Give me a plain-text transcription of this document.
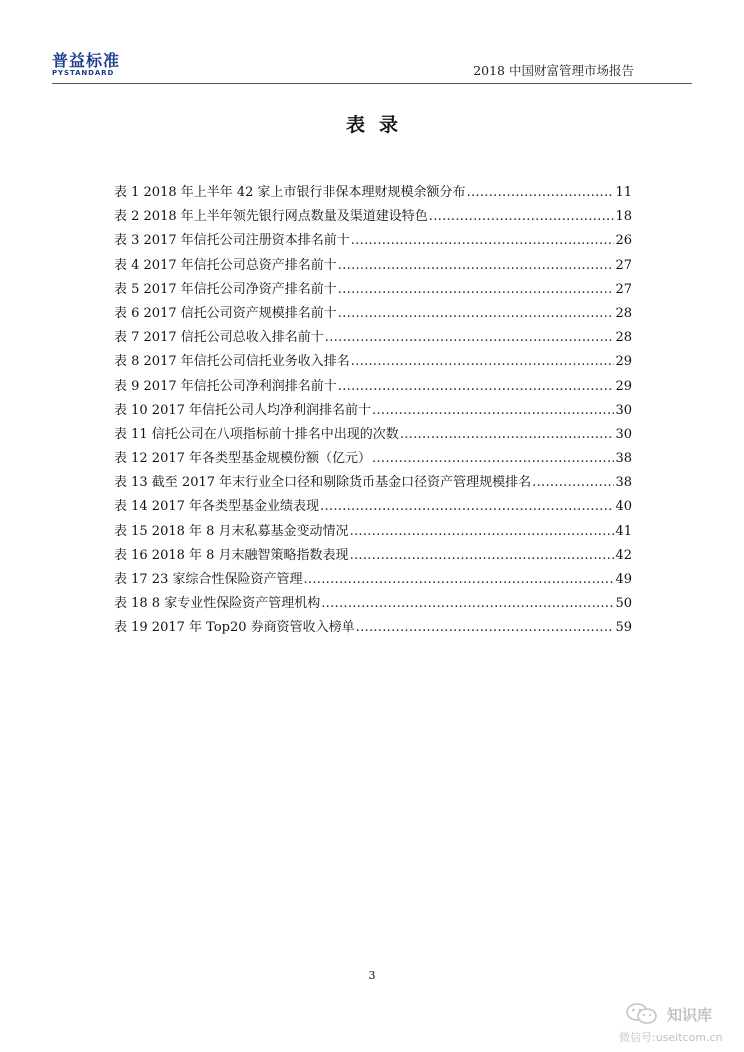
普益标准
PYSTANDARD	2018 中国财富管理市场报告
表录
表 1 2018 年上半年 42 家上市银行非保本理财规模余额分布 .....	11
表 2 2018 年上半年领先银行网点数量及渠道建设特色 .....	18
表 3 2017 年信托公司注册资本排名前十 .....	26
表 4 2017 年信托公司总资产排名前十 .....	27
表 5 2017 年信托公司净资产排名前十 .....	27
表 6 2017 信托公司资产规模排名前十 .....	28
表 7 2017 信托公司总收入排名前十 .....	28
表 8 2017 年信托公司信托业务收入排名 .....	29
表 9 2017 年信托公司净利润排名前十 .....	29
表 10 2017 年信托公司人均净利润排名前十 .....	30
表 11 信托公司在八项指标前十排名中出现的次数 .....	30
表 12 2017 年各类型基金规模份额（亿元） .....	38
表 13 截至 2017 年末行业全口径和剔除货币基金口径资产管理规模排名 .....	38
表 14 2017 年各类型基金业绩表现 .....	40
表 15 2018 年 8 月末私募基金变动情况 .....	41
表 16 2018 年 8 月末融智策略指数表现 .....	42
表 17 23 家综合性保险资产管理 .....	49
表 18 8 家专业性保险资产管理机构 .....	50
表 19 2017 年 Top20 券商资管收入榜单 .....	59
3
知识库
微信号:useitcom.cn
